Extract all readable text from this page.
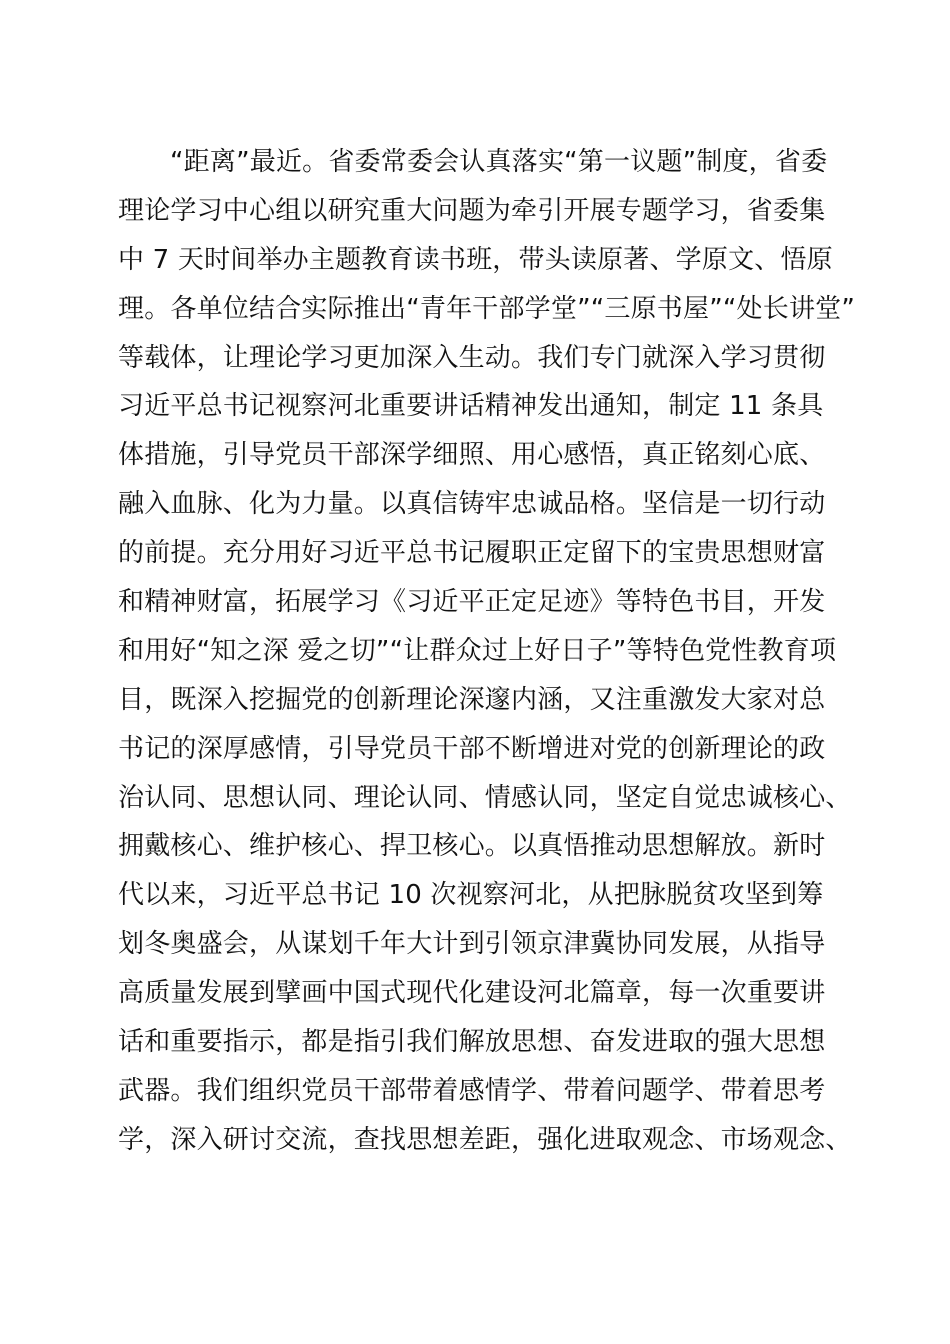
“距离”最近。省委常委会认真落实“第一议题”制度，省委
理论学习中心组以研究重大问题为牵引开展专题学习，省委集
中 7 天时间举办主题教育读书班，带头读原著、学原文、悟原
理。各单位结合实际推出“青年干部学堂”“三原书屋”“处长讲堂”
等载体，让理论学习更加深入生动。我们专门就深入学习贯彻
习近平总书记视察河北重要讲话精神发出通知，制定 11 条具
体措施，引导党员干部深学细照、用心感悟，真正铭刻心底、
融入血脉、化为力量。以真信铸牢忠诚品格。坚信是一切行动
的前提。充分用好习近平总书记履职正定留下的宝贵思想财富
和精神财富，拓展学习《习近平正定足迹》等特色书目，开发
和用好“知之深 爱之切”“让群众过上好日子”等特色党性教育项
目，既深入挖掘党的创新理论深邃内涵，又注重激发大家对总
书记的深厚感情，引导党员干部不断增进对党的创新理论的政
治认同、思想认同、理论认同、情感认同，坚定自觉忠诚核心、
拥戴核心、维护核心、捍卫核心。以真悟推动思想解放。新时
代以来，习近平总书记 10 次视察河北，从把脉脱贫攻坚到筹
划冬奥盛会，从谋划千年大计到引领京津冀协同发展，从指导
高质量发展到擘画中国式现代化建设河北篇章，每一次重要讲
话和重要指示，都是指引我们解放思想、奋发进取的强大思想
武器。我们组织党员干部带着感情学、带着问题学、带着思考
学，深入研讨交流，查找思想差距，强化进取观念、市场观念、
